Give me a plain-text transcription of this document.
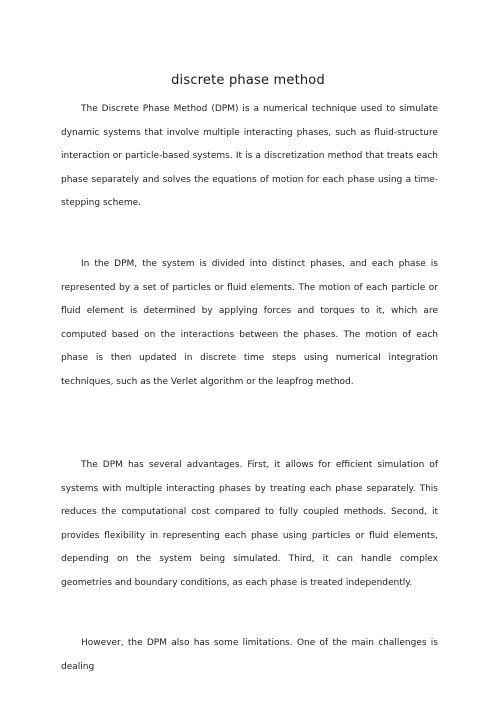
discrete phase method

The Discrete Phase Method (DPM) is a numerical technique used to simulate dynamic systems that involve multiple interacting phases, such as fluid-structure interaction or particle-based systems. It is a discretization method that treats each phase separately and solves the equations of motion for each phase using a time-stepping scheme.

In the DPM, the system is divided into distinct phases, and each phase is represented by a set of particles or fluid elements. The motion of each particle or fluid element is determined by applying forces and torques to it, which are computed based on the interactions between the phases. The motion of each phase is then updated in discrete time steps using numerical integration techniques, such as the Verlet algorithm or the leapfrog method.

The DPM has several advantages. First, it allows for efficient simulation of systems with multiple interacting phases by treating each phase separately. This reduces the computational cost compared to fully coupled methods. Second, it provides flexibility in representing each phase using particles or fluid elements, depending on the system being simulated. Third, it can handle complex geometries and boundary conditions, as each phase is treated independently.

However, the DPM also has some limitations. One of the main challenges is dealing
